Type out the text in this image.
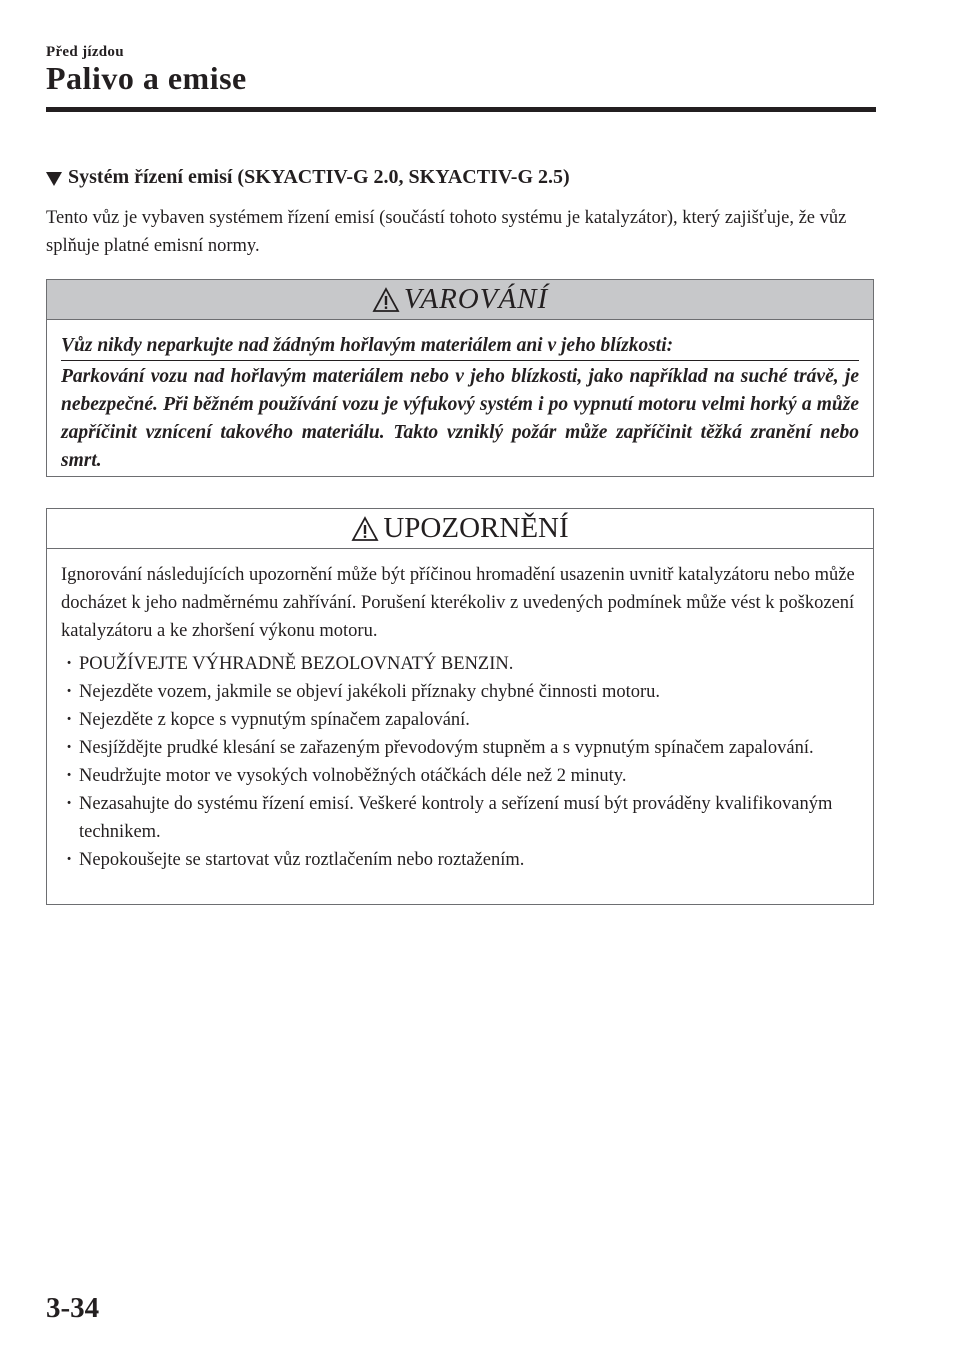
Před jízdou
Palivo a emise
Systém řízení emisí (SKYACTIV-G 2.0, SKYACTIV-G 2.5)

Tento vůz je vybaven systémem řízení emisí (součástí tohoto systému je katalyzátor), který zajišťuje, že vůz splňuje platné emisní normy.

VAROVÁNÍ
Vůz nikdy neparkujte nad žádným hořlavým materiálem ani v jeho blízkosti:
Parkování vozu nad hořlavým materiálem nebo v jeho blízkosti, jako například na suché trávě, je nebezpečné. Při běžném používání vozu je výfukový systém i po vypnutí motoru velmi horký a může zapříčinit vznícení takového materiálu. Takto vzniklý požár může zapříčinit těžká zranění nebo smrt.
UPOZORNĚNÍ

Ignorování následujících upozornění může být příčinou hromadění usazenin uvnitř katalyzátoru nebo může docházet k jeho nadměrnému zahřívání. Porušení kterékoliv z uvedených podmínek může vést k poškození katalyzátoru a ke zhoršení výkonu motoru.

· POUŽÍVEJTE VÝHRADNĚ BEZOLOVNATÝ BENZIN.
· Nejezděte vozem, jakmile se objeví jakékoli příznaky chybné činnosti motoru.
· Nejezděte z kopce s vypnutým spínačem zapalování.
· Nesjíždějte prudké klesání se zařazeným převodovým stupněm a s vypnutým spínačem zapalování.
· Neudržujte motor ve vysokých volnoběžných otáčkách déle než 2 minuty.
· Nezasahujte do systému řízení emisí. Veškeré kontroly a seřízení musí být prováděny kvalifikovaným technikem.
· Nepokoušejte se startovat vůz roztlačením nebo roztažením.
3-34
